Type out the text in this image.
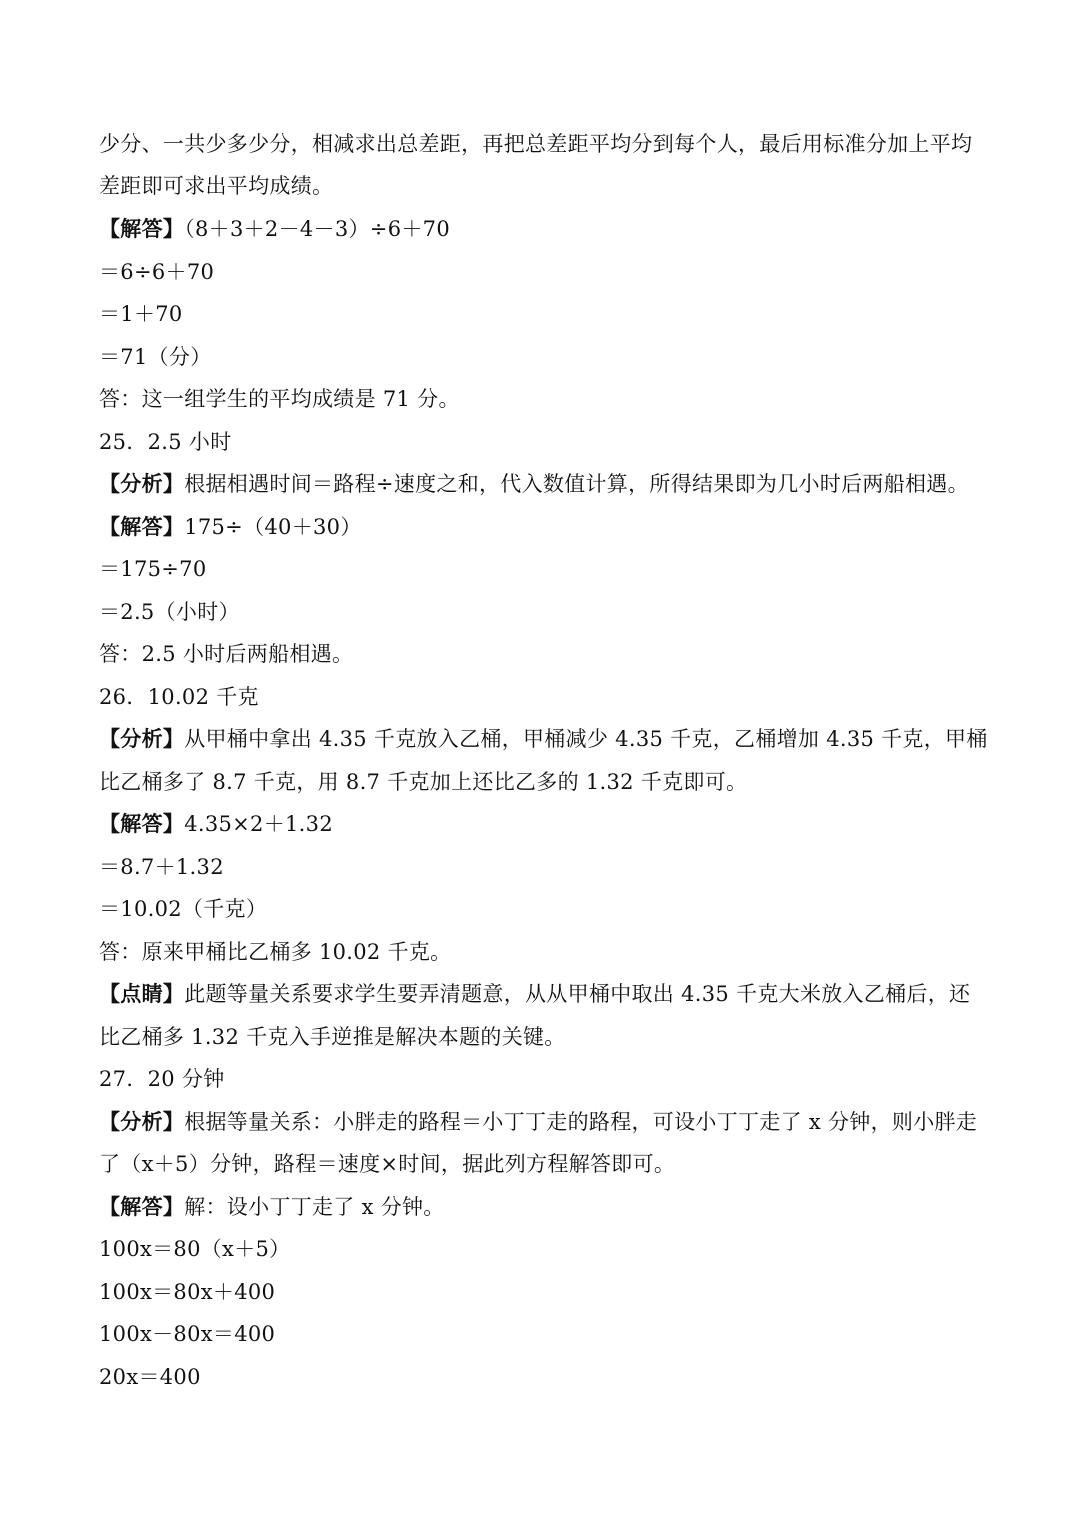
少分、一共少多少分，相减求出总差距，再把总差距平均分到每个人，最后用标准分加上平均
差距即可求出平均成绩。
【解答】（8＋3＋2－4－3）÷6＋70
＝6÷6＋70
＝1＋70
＝71（分）
答：这一组学生的平均成绩是 71 分。
25．2.5 小时
【分析】根据相遇时间＝路程÷速度之和，代入数值计算，所得结果即为几小时后两船相遇。
【解答】175÷（40＋30）
＝175÷70
＝2.5（小时）
答：2.5 小时后两船相遇。
26．10.02 千克
【分析】从甲桶中拿出 4.35 千克放入乙桶，甲桶减少 4.35 千克，乙桶增加 4.35 千克，甲桶
比乙桶多了 8.7 千克，用 8.7 千克加上还比乙多的 1.32 千克即可。
【解答】4.35×2＋1.32
＝8.7＋1.32
＝10.02（千克）
答：原来甲桶比乙桶多 10.02 千克。
【点睛】此题等量关系要求学生要弄清题意，从从甲桶中取出 4.35 千克大米放入乙桶后，还
比乙桶多 1.32 千克入手逆推是解决本题的关键。
27．20 分钟
【分析】根据等量关系：小胖走的路程＝小丁丁走的路程，可设小丁丁走了 x 分钟，则小胖走
了（x＋5）分钟，路程＝速度×时间，据此列方程解答即可。
【解答】解：设小丁丁走了 x 分钟。
100x＝80（x＋5）
100x＝80x＋400
100x－80x＝400
20x＝400
